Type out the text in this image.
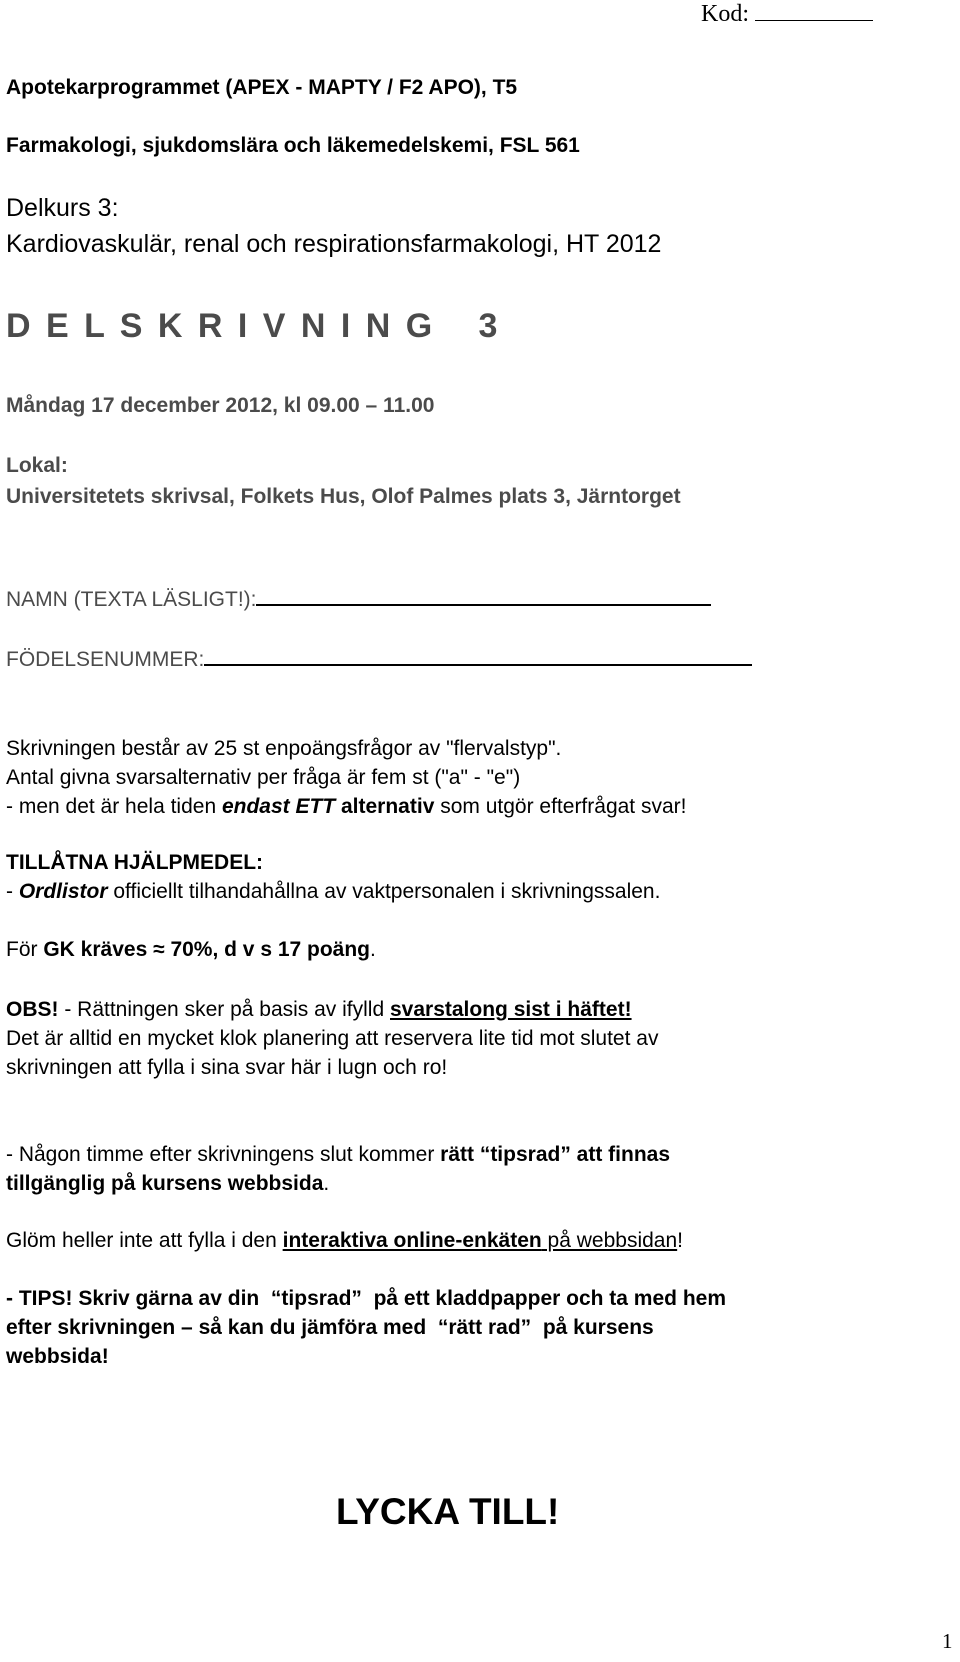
Kod:
Apotekarprogrammet (APEX - MAPTY / F2 APO), T5
Farmakologi, sjukdomslära och läkemedelskemi, FSL 561
Delkurs 3:
Kardiovaskulär, renal och respirationsfarmakologi, HT 2012
D E L S K R I V N I N G   3
Måndag 17 december 2012, kl 09.00 – 11.00
Lokal:
Universitetets skrivsal, Folkets Hus, Olof Palmes plats 3, Järntorget
NAMN (TEXTA LÄSLIGT!):
FÖDELSENUMMER:
Skrivningen består av 25 st enpoängsfrågor av "flervalstyp".
Antal givna svarsalternativ per fråga är fem st ("a" - "e")
- men det är hela tiden endast ETT alternativ som utgör efterfrågat svar!
TILLÅTNA HJÄLPMEDEL:
- Ordlistor officiellt tilhandahållna av vaktpersonalen i skrivningssalen.
För GK kräves ≈ 70%, d v s 17 poäng.
OBS! - Rättningen sker på basis av ifylld svarstalong sist i häftet!
Det är alltid en mycket klok planering att reservera lite tid mot slutet av
skrivningen att fylla i sina svar här i lugn och ro!
- Någon timme efter skrivningens slut kommer rätt “tipsrad” att finnas
tillgänglig på kursens webbsida.
Glöm heller inte att fylla i den interaktiva online-enkäten på webbsidan!
- TIPS! Skriv gärna av din  “tipsrad”  på ett kladdpapper och ta med hem
efter skrivningen – så kan du jämföra med  “rätt rad”  på kursens
webbsida!
LYCKA TILL!
1
